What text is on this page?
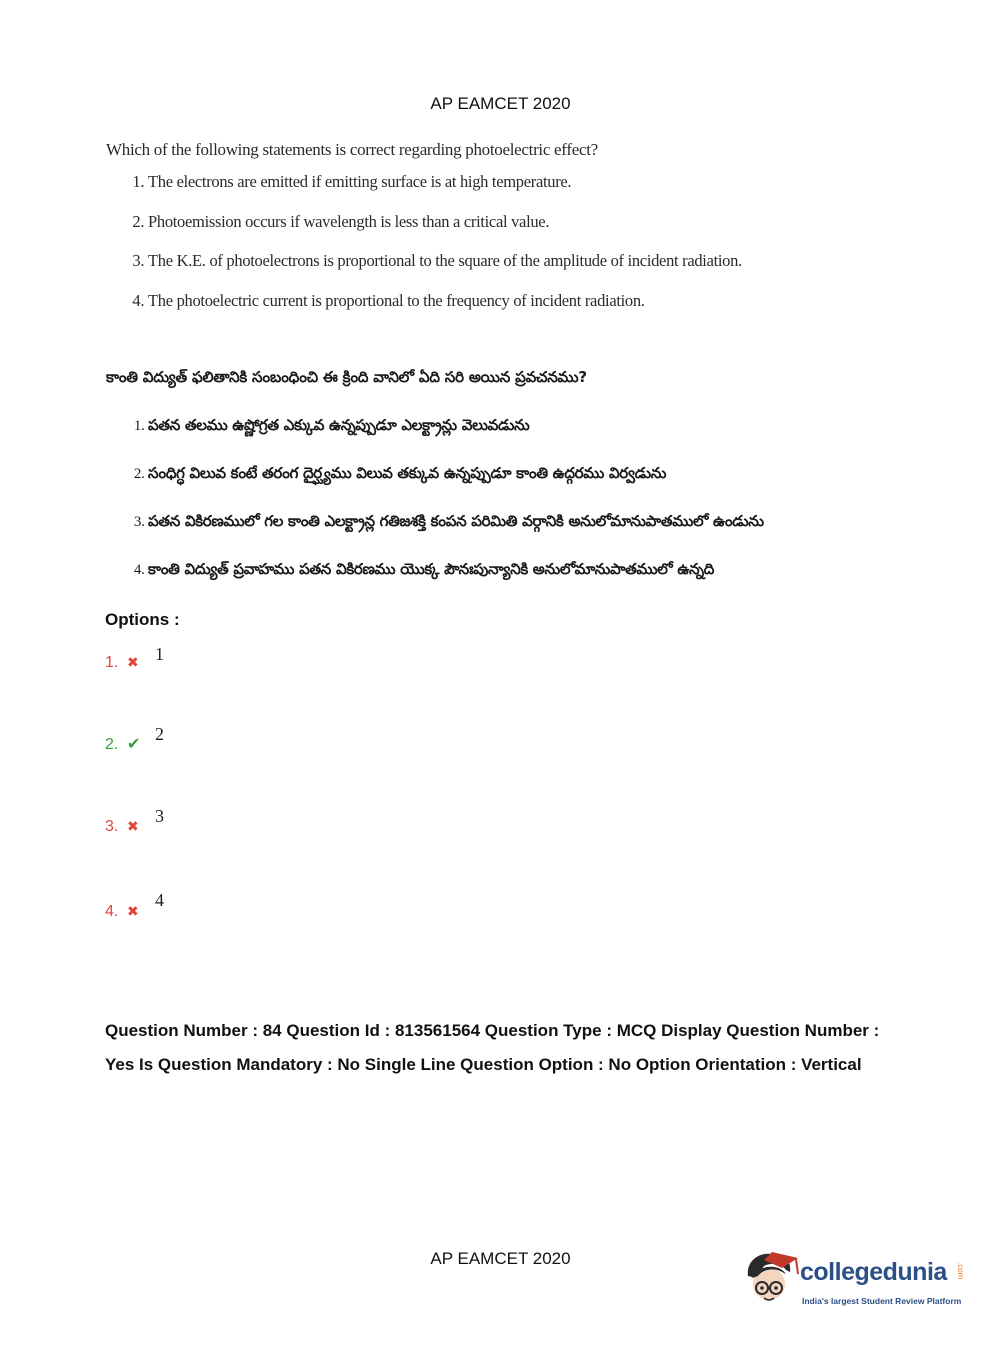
AP EAMCET 2020
Which of the following statements is correct regarding photoelectric effect?
1. The electrons are emitted if emitting surface is at high temperature.
2. Photoemission occurs if wavelength is less than a critical value.
3. The K.E. of photoelectrons is proportional to the square of the amplitude of incident radiation.
4. The photoelectric current is proportional to the frequency of incident radiation.
కాంతి విద్యుత్ ఫలితానికి సంబంధించి ఈ క్రింది వానిలో ఏది సరి అయిన ప్రవచనము?
1. పతన తలము ఉష్ణోగ్రత ఎక్కువ ఉన్నప్పుడూ ఎలక్ట్రాన్లు వెలువడును
2. సంధిగ్ధ విలువ కంటే తరంగ దైర్ఘ్యము విలువ తక్కువ ఉన్నప్పుడూ కాంతి ఉద్గరము విర్వడును
3. పతన వికిరణములో గల కాంతి ఎలక్ట్రాన్ల గతిజశక్తి కంపన పరిమితి వర్గానికి అనులోమానుపాతములో ఉండును
4. కాంతి విద్యుత్ ప్రవాహము పతన వికిరణము యొక్క పౌనఃపున్యానికి అనులోమానుపాతములో ఉన్నది
Options :
1. ✖ 1
2. ✔
2
3. ✖ 3
4. ✖
4
Question Number : 84 Question Id : 813561564 Question Type : MCQ Display Question Number : Yes Is Question Mandatory : No Single Line Question Option : No Option Orientation : Vertical
AP EAMCET 2020	collegedunia .com
India's largest Student Review Platform
